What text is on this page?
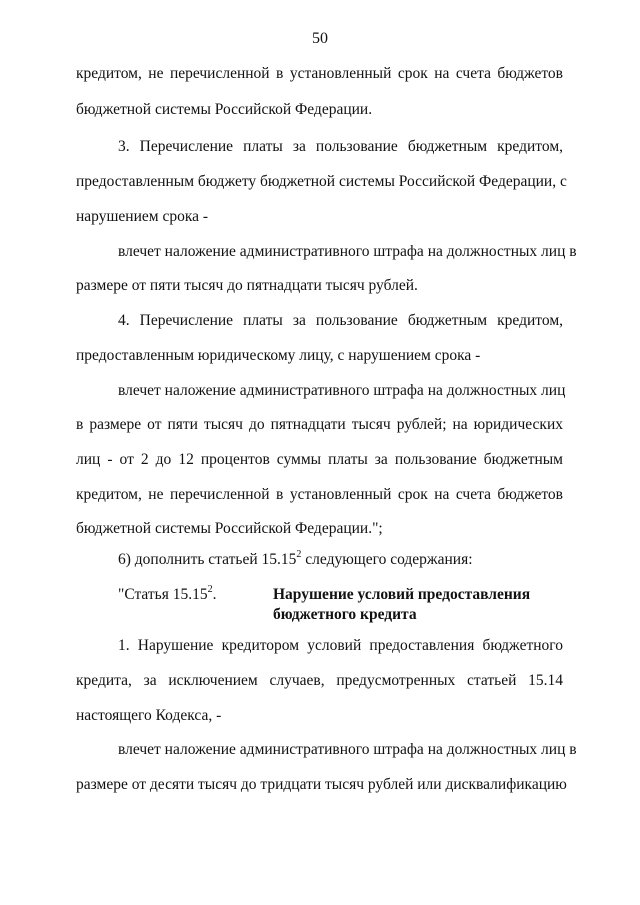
50
кредитом, не перечисленной в установленный срок на счета бюджетов
бюджетной системы Российской Федерации.
3. Перечисление платы за пользование бюджетным кредитом,
предоставленным бюджету бюджетной системы Российской Федерации, с
нарушением срока -
влечет наложение административного штрафа на должностных лиц в
размере от пяти тысяч до пятнадцати тысяч рублей.
4. Перечисление платы за пользование бюджетным кредитом,
предоставленным юридическому лицу, с нарушением срока -
влечет наложение административного штрафа на должностных лиц
в размере от пяти тысяч до пятнадцати тысяч рублей; на юридических
лиц - от 2 до 12 процентов суммы платы за пользование бюджетным
кредитом, не перечисленной в установленный срок на счета бюджетов
бюджетной системы Российской Федерации.";
6) дополнить статьей 15.15$^2$ следующего содержания:
"Статья 15.15$^2$.	Нарушение условий предоставления бюджетного кредита
1. Нарушение кредитором условий предоставления бюджетного
кредита, за исключением случаев, предусмотренных статьей 15.14
настоящего Кодекса, -
влечет наложение административного штрафа на должностных лиц в
размере от десяти тысяч до тридцати тысяч рублей или дисквалификацию
